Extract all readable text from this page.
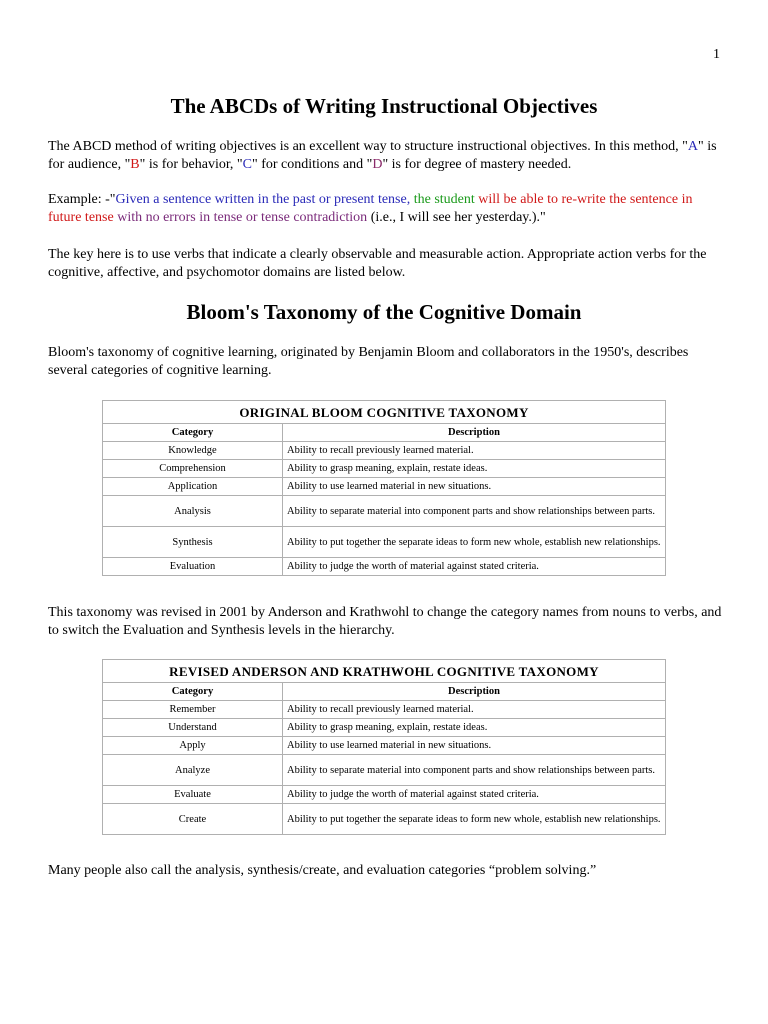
1
The ABCDs of Writing Instructional Objectives

The ABCD method of writing objectives is an excellent way to structure instructional objectives. In this method, "A" is for audience, "B" is for behavior, "C" for conditions and "D" is for degree of mastery needed.

Example: -"Given a sentence written in the past or present tense, the student will be able to re-write the sentence in future tense with no errors in tense or tense contradiction (i.e., I will see her yesterday.)."

The key here is to use verbs that indicate a clearly observable and measurable action. Appropriate action verbs for the cognitive, affective, and psychomotor domains are listed below.

Bloom's Taxonomy of the Cognitive Domain

Bloom's taxonomy of cognitive learning, originated by Benjamin Bloom and collaborators in the 1950's, describes several categories of cognitive learning.

ORIGINAL BLOOM COGNITIVE TAXONOMY	
Category	Description
Knowledge	Ability to recall previously learned material.
Comprehension	Ability to grasp meaning, explain, restate ideas.
Application	Ability to use learned material in new situations.
Analysis	Ability to separate material into component parts and show relationships between parts.
Synthesis	Ability to put together the separate ideas to form new whole, establish new relationships.
Evaluation	Ability to judge the worth of material against stated criteria.

This taxonomy was revised in 2001 by Anderson and Krathwohl to change the category names from nouns to verbs, and to switch the Evaluation and Synthesis levels in the hierarchy.

REVISED ANDERSON AND KRATHWOHL COGNITIVE TAXONOMY	
Category	Description
Remember	Ability to recall previously learned material.
Understand	Ability to grasp meaning, explain, restate ideas.
Apply	Ability to use learned material in new situations.
Analyze	Ability to separate material into component parts and show relationships between parts.
Evaluate	Ability to judge the worth of material against stated criteria.
Create	Ability to put together the separate ideas to form new whole, establish new relationships.

Many people also call the analysis, synthesis/create, and evaluation categories “problem solving.”
